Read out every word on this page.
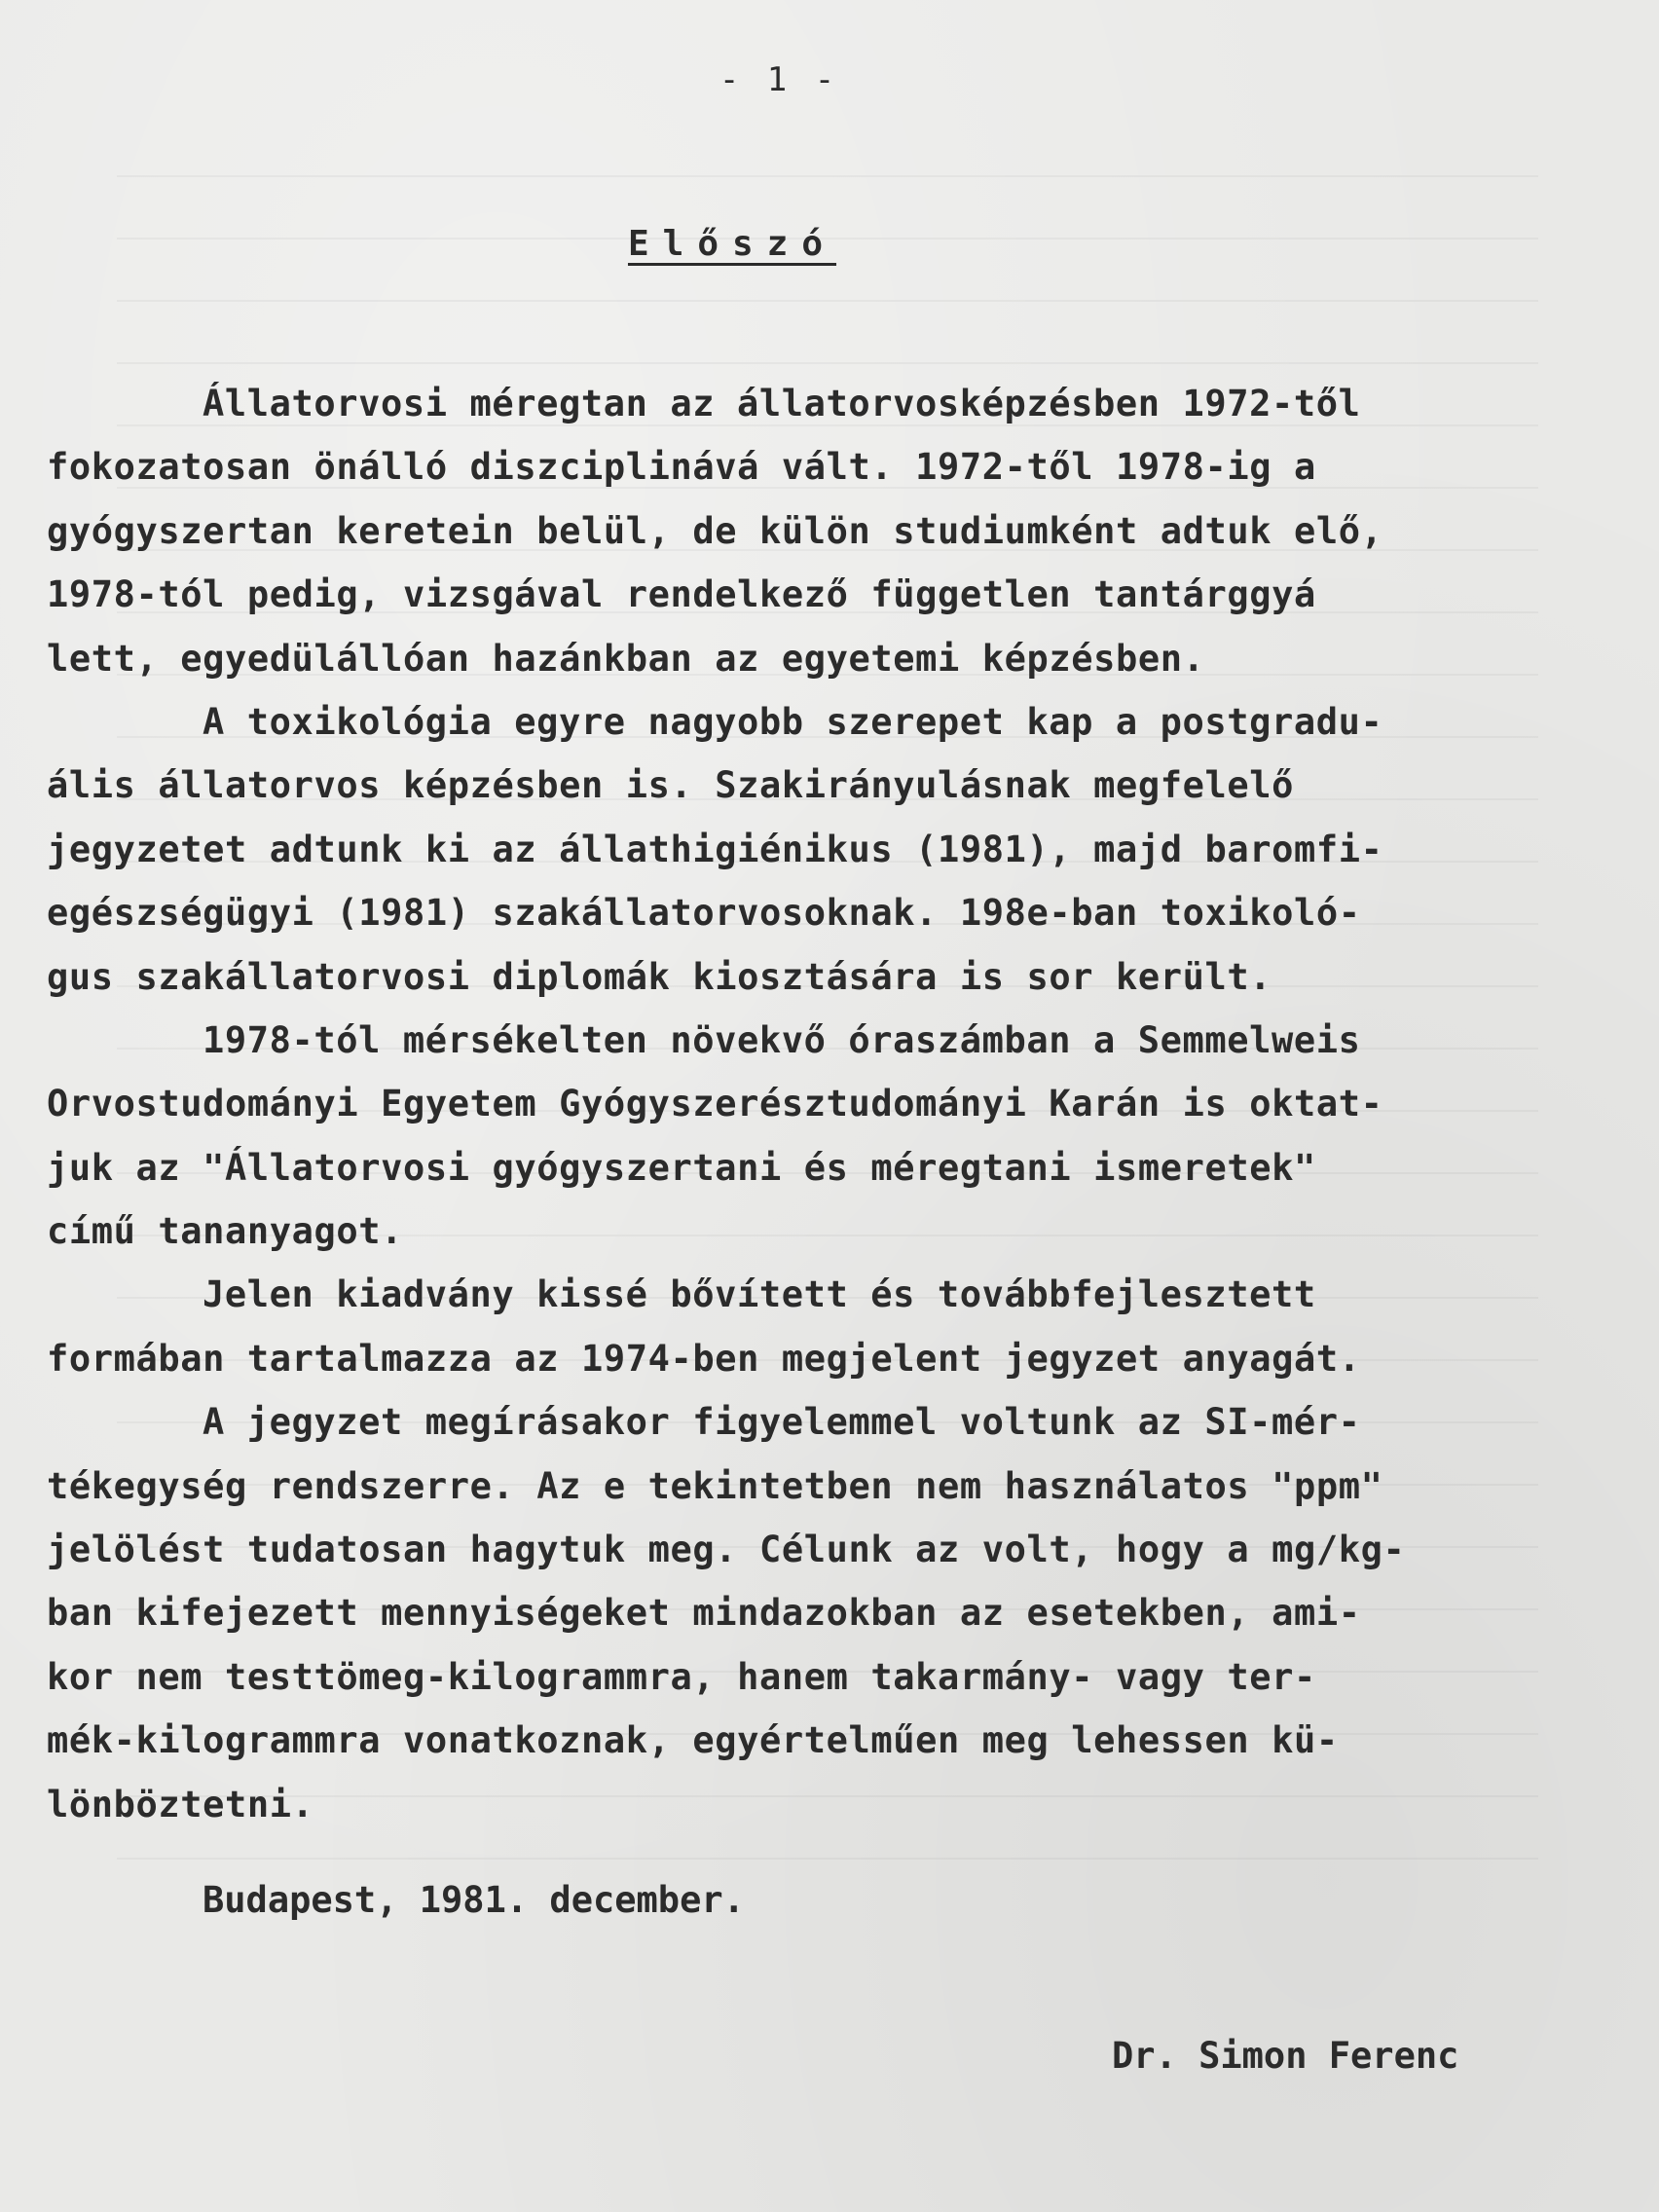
- 1 -
Előszó
Állatorvosi méregtan az állatorvosképzésben 1972-től
fokozatosan önálló diszciplinává vált. 1972-től 1978-ig a
gyógyszertan keretein belül, de külön studiumként adtuk elő,
1978-tól pedig, vizsgával rendelkező független tantárggyá
lett, egyedülállóan hazánkban az egyetemi képzésben.
A toxikológia egyre nagyobb szerepet kap a postgradu-
ális állatorvos képzésben is. Szakirányulásnak megfelelő
jegyzetet adtunk ki az állathigiénikus (1981), majd baromfi-
egészségügyi (1981) szakállatorvosoknak. 198e-ban toxikoló-
gus szakállatorvosi diplomák kiosztására is sor került.
1978-tól mérsékelten növekvő óraszámban a Semmelweis
Orvostudományi Egyetem Gyógyszerésztudományi Karán is oktat-
juk az "Állatorvosi gyógyszertani és méregtani ismeretek"
című tananyagot.
Jelen kiadvány kissé bővített és továbbfejlesztett
formában tartalmazza az 1974-ben megjelent jegyzet anyagát.
A jegyzet megírásakor figyelemmel voltunk az SI-mér-
tékegység rendszerre. Az e tekintetben nem használatos "ppm"
jelölést tudatosan hagytuk meg. Célunk az volt, hogy a mg/kg-
ban kifejezett mennyiségeket mindazokban az esetekben, ami-
kor nem testtömeg-kilogrammra, hanem takarmány- vagy ter-
mék-kilogrammra vonatkoznak, egyértelműen meg lehessen kü-
lönböztetni.
Budapest, 1981. december.
Dr. Simon Ferenc
